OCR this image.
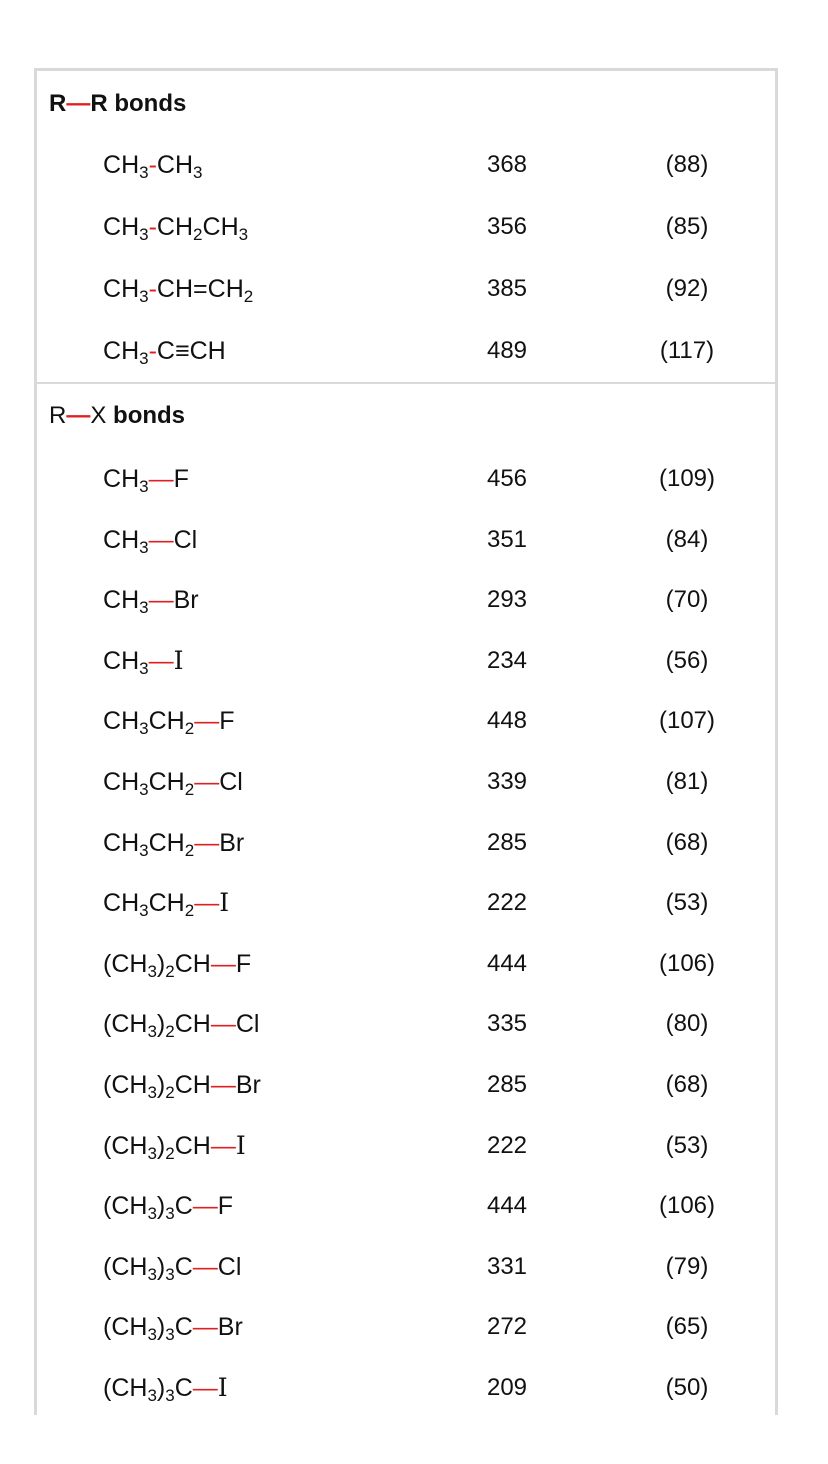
R—R bonds
$CH_3-CH_3$	368	(88)
$CH_3-CH_2CH_3$	356	(85)
$CH_3-CH=CH_2$	385	(92)
$CH_3-C\equiv CH$	489	(117)
R—X bonds
$CH_3—F$	456	(109)
$CH_3—Cl$	351	(84)
$CH_3—Br$	293	(70)
$CH_3—I$	234	(56)
$CH_3CH_2—F$	448	(107)
$CH_3CH_2—Cl$	339	(81)
$CH_3CH_2—Br$	285	(68)
$CH_3CH_2—I$	222	(53)
$(CH_3)_2CH—F$	444	(106)
$(CH_3)_2CH—Cl$	335	(80)
$(CH_3)_2CH—Br$	285	(68)
$(CH_3)_2CH—I$	222	(53)
$(CH_3)_3C—F$	444	(106)
$(CH_3)_3C—Cl$	331	(79)
$(CH_3)_3C—Br$	272	(65)
$(CH_3)_3C—I$	209	(50)
